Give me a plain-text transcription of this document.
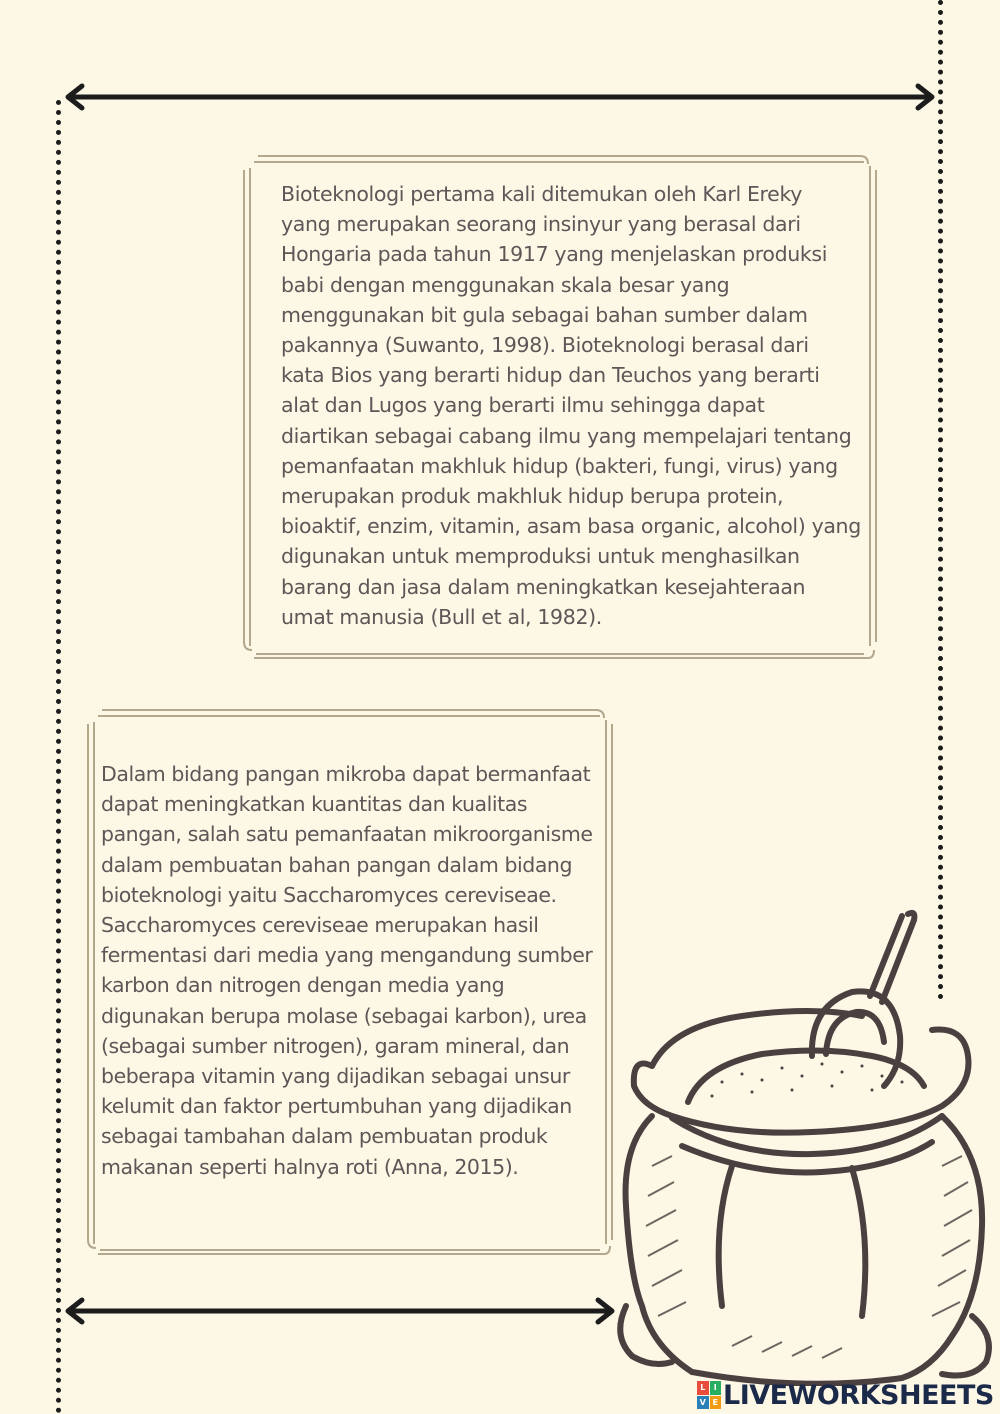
Bioteknologi pertama kali ditemukan oleh Karl Ereky
yang merupakan seorang insinyur yang berasal dari
Hongaria pada tahun 1917 yang menjelaskan produksi
babi dengan menggunakan skala besar yang
menggunakan bit gula sebagai bahan sumber dalam
pakannya (Suwanto, 1998). Bioteknologi berasal dari
kata Bios yang berarti hidup dan Teuchos yang berarti
alat dan Lugos yang berarti ilmu sehingga dapat
diartikan sebagai cabang ilmu yang mempelajari tentang
pemanfaatan makhluk hidup (bakteri, fungi, virus) yang
merupakan produk makhluk hidup berupa protein,
bioaktif, enzim, vitamin, asam basa organic, alcohol) yang
digunakan untuk memproduksi untuk menghasilkan
barang dan jasa dalam meningkatkan kesejahteraan
umat manusia (Bull et al, 1982).
Dalam bidang pangan mikroba dapat bermanfaat
dapat meningkatkan kuantitas dan kualitas
pangan, salah satu pemanfaatan mikroorganisme
dalam pembuatan bahan pangan dalam bidang
bioteknologi yaitu Saccharomyces cereviseae.
Saccharomyces cereviseae merupakan hasil
fermentasi dari media yang mengandung sumber
karbon dan nitrogen dengan media yang
digunakan berupa molase (sebagai karbon), urea
(sebagai sumber nitrogen), garam mineral, dan
beberapa vitamin yang dijadikan sebagai unsur
kelumit dan faktor pertumbuhan yang dijadikan
sebagai tambahan dalam pembuatan produk
makanan seperti halnya roti (Anna, 2015).
L	I
V E LIVEWORKSHEETS
